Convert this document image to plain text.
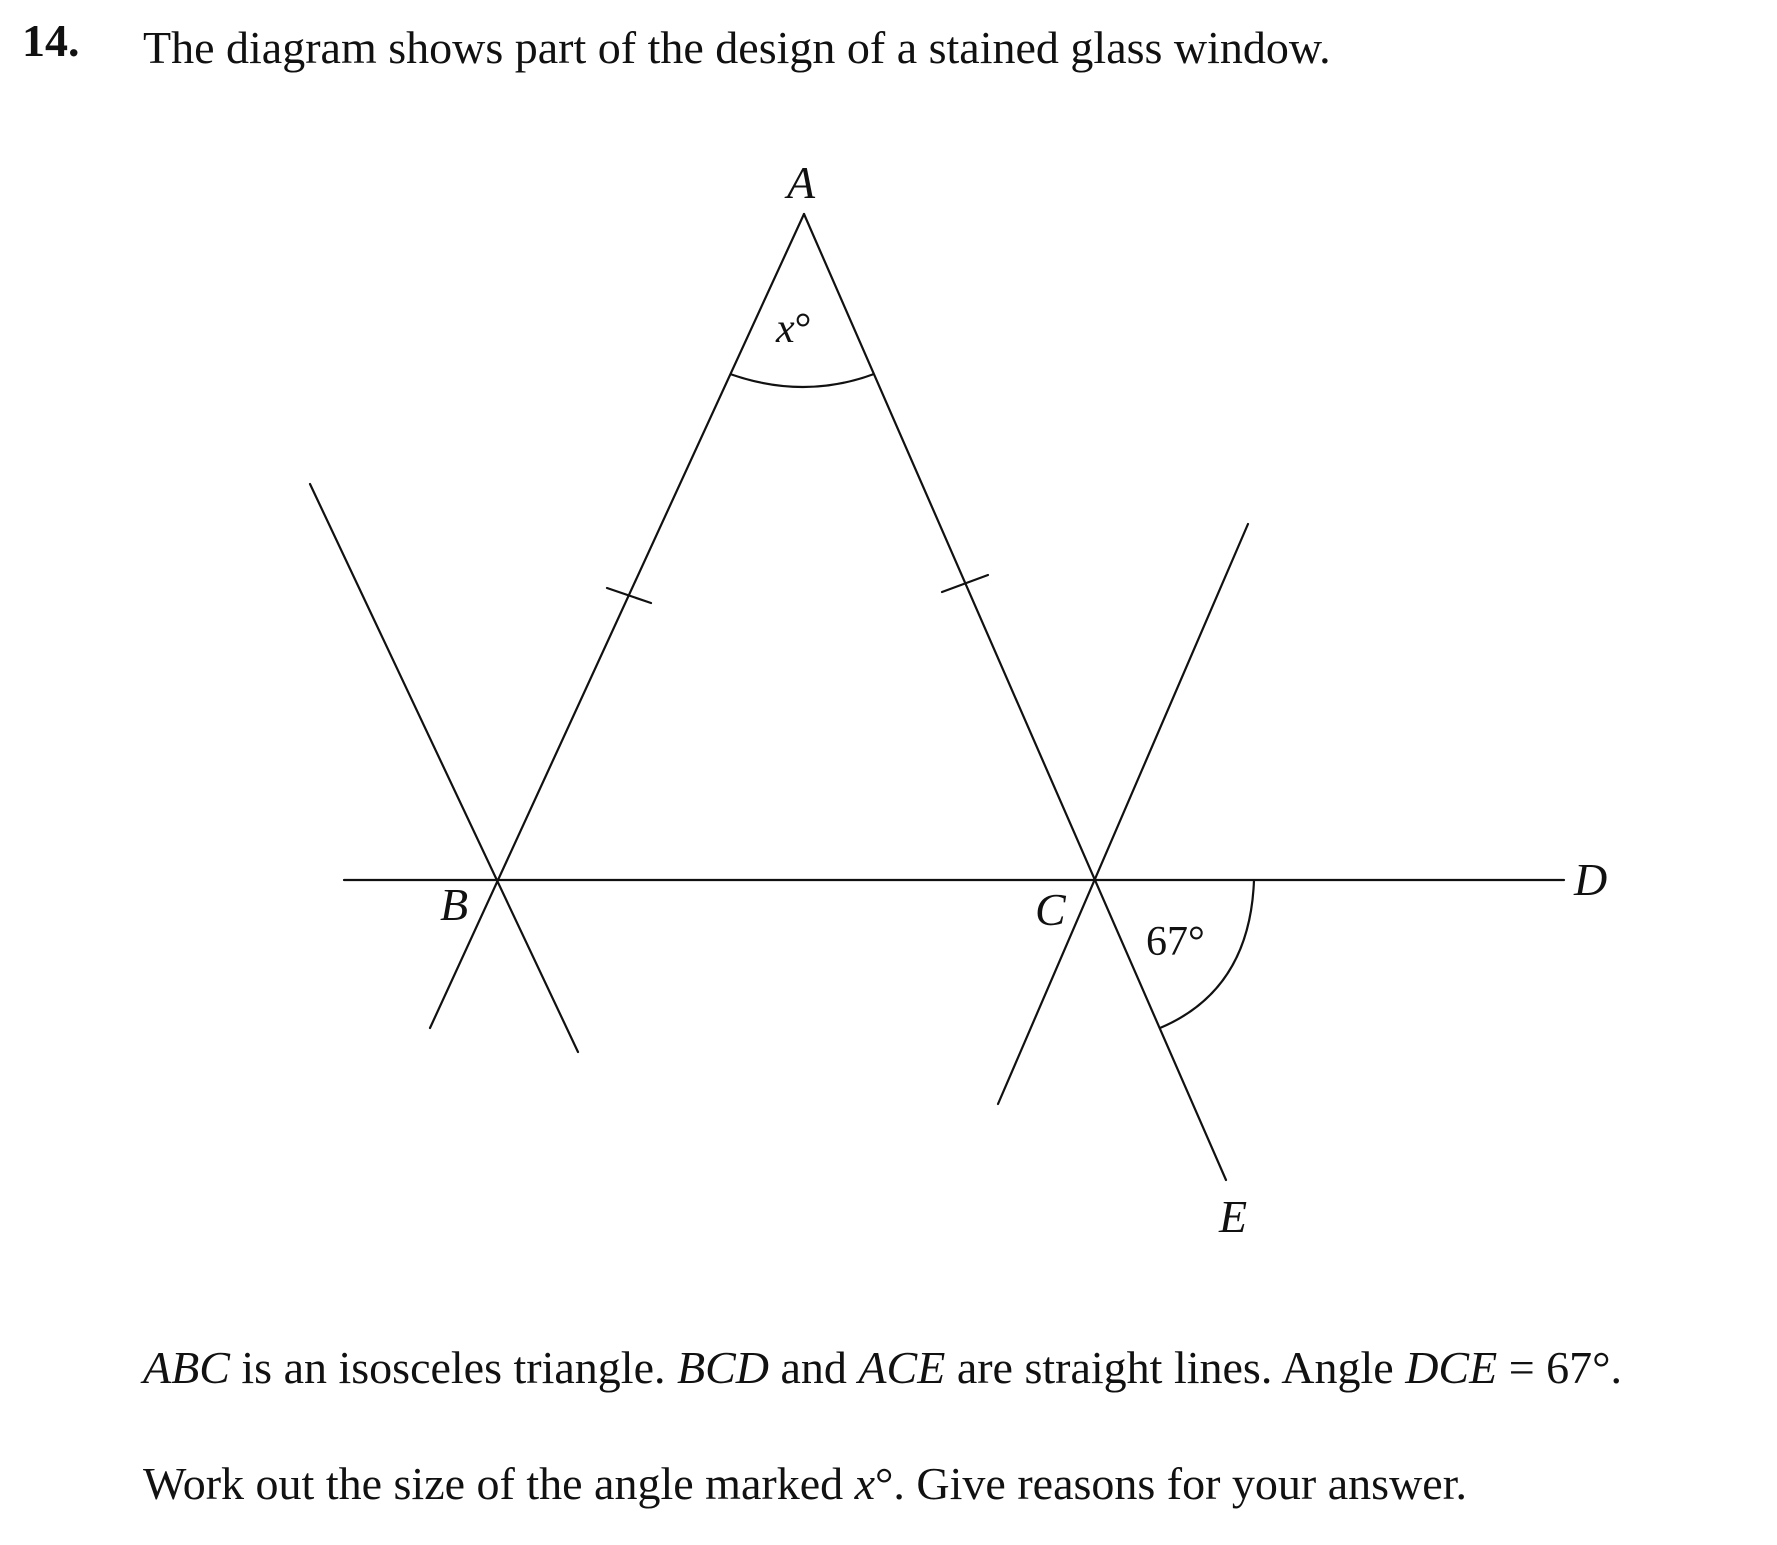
14. The diagram shows part of the design of a stained glass window.
A
B	C
D
E
x°
67°
ABC is an isosceles triangle. BCD and ACE are straight lines. Angle DCE = 67°.
Work out the size of the angle marked x°. Give reasons for your answer.
